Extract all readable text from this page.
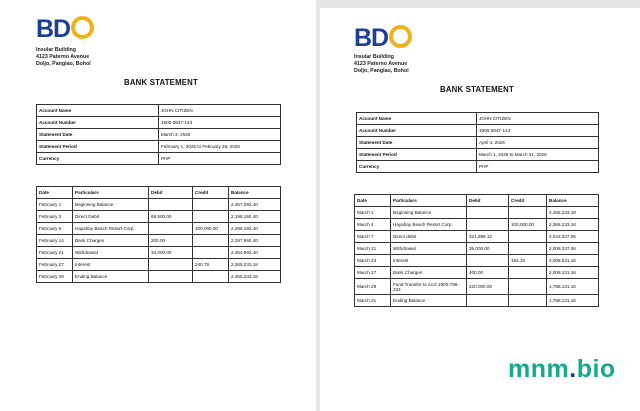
BD
Insular Building
4123 Paterno Avenue
Doljo, Panglao, Bohol
BANK STATEMENT
Account Name	JOHN CITIZEN
Account Number	1900-0847-143
Statement Date	March 3, 2025
Statement Period	February 1, 2025 to February 28, 2025
Currency	PHP
Date	Particulars	Debit	Credit	Balance
February 1	Beginning Balance			2,267,092.40
February 3	Direct Debit	68,900.00		2,198,192.40
February 6	Hayahay Beach Resort Corp.		100,000.00	2,298,192.40
February 14	Bank Charges	200.00		2,297,992.40
February 21	Withdrawal	33,000.00		2,264,992.40
February 27	Interest		240.78	2,265,233.18
February 28	Ending Balance			2,265,233.18
BD
Insular Building
4123 Paterno Avenue
Doljo, Panglao, Bohol
BANK STATEMENT
Account Name	JOHN CITIZEN
Account Number	1900-0847-143
Statement Date	April 4, 2025
Statement Period	March 1, 2025 to March 31, 2025
Currency	PHP
Date	Particulars	Debit	Credit	Balance
March 1	Beginning Balance			2,265,233.18
March 4	Hayahay Beach Resort Corp.		100,000.00	2,365,233.18
March 7	Direct debit	321,896.12		2,043,337.06
March 21	Withdrawal	35,000.00		2,008,337.06
March 23	Interest		194.10	2,008,531.16
March 27	Bank Charges	400.00		2,008,131.16
March 29	Fund Transfer to Acct 1900-789-234	220,000.00		1,788,131.16
March 31	Ending Balance			1,788,131.16
mnm.bio
